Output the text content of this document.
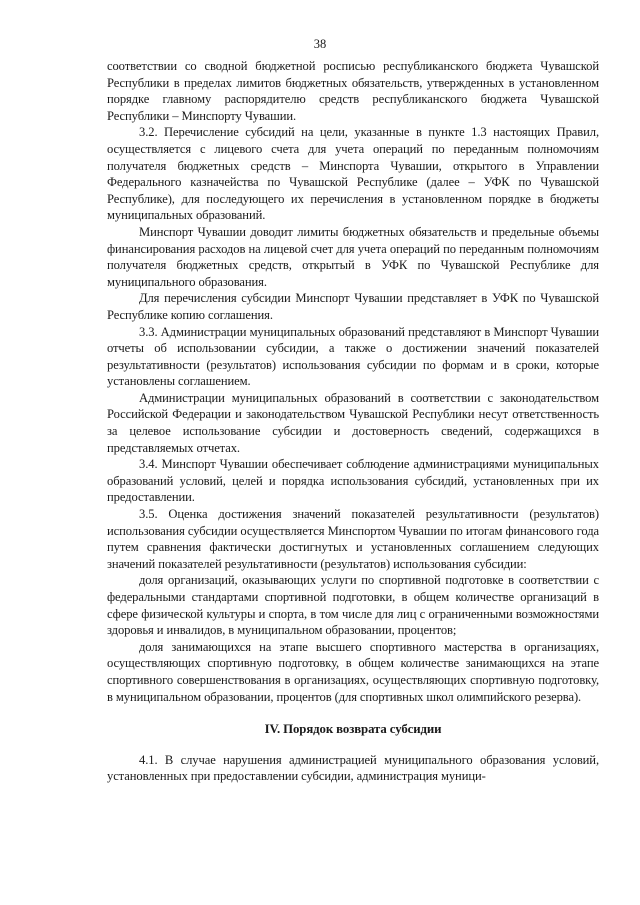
38

соответствии со сводной бюджетной росписью республиканского бюджета Чувашской Республики в пределах лимитов бюджетных обязательств, утвержденных в установленном порядке главному распорядителю средств республиканского бюджета Чувашской Республики – Минспорту Чувашии.

3.2. Перечисление субсидий на цели, указанные в пункте 1.3 настоящих Правил, осуществляется с лицевого счета для учета операций по переданным полномочиям получателя бюджетных средств – Минспорта Чувашии, открытого в Управлении Федерального казначейства по Чувашской Республике (далее – УФК по Чувашской Республике), для последующего их перечисления в установленном порядке в бюджеты муниципальных образований.

Минспорт Чувашии доводит лимиты бюджетных обязательств и предельные объемы финансирования расходов на лицевой счет для учета операций по переданным полномочиям получателя бюджетных средств, открытый в УФК по Чувашской Республике для муниципального образования.

Для перечисления субсидии Минспорт Чувашии представляет в УФК по Чувашской Республике копию соглашения.

3.3. Администрации муниципальных образований представляют в Минспорт Чувашии отчеты об использовании субсидии, а также о достижении значений показателей результативности (результатов) использования субсидии по формам и в сроки, которые установлены соглашением.

Администрации муниципальных образований в соответствии с законодательством Российской Федерации и законодательством Чувашской Республики несут ответственность за целевое использование субсидии и достоверность сведений, содержащихся в представляемых отчетах.

3.4. Минспорт Чувашии обеспечивает соблюдение администрациями муниципальных образований условий, целей и порядка использования субсидий, установленных при их предоставлении.

3.5. Оценка достижения значений показателей результативности (результатов) использования субсидии осуществляется Минспортом Чувашии по итогам финансового года путем сравнения фактически достигнутых и установленных соглашением следующих значений показателей результативности (результатов) использования субсидии:

доля организаций, оказывающих услуги по спортивной подготовке в соответствии с федеральными стандартами спортивной подготовки, в общем количестве организаций в сфере физической культуры и спорта, в том числе для лиц с ограниченными возможностями здоровья и инвалидов, в муниципальном образовании, процентов;

доля занимающихся на этапе высшего спортивного мастерства в организациях, осуществляющих спортивную подготовку, в общем количестве занимающихся на этапе спортивного совершенствования в организациях, осуществляющих спортивную подготовку, в муниципальном образовании, процентов (для спортивных школ олимпийского резерва).

IV. Порядок возврата субсидии

4.1. В случае нарушения администрацией муниципального образования условий, установленных при предоставлении субсидии, администрация муници-
